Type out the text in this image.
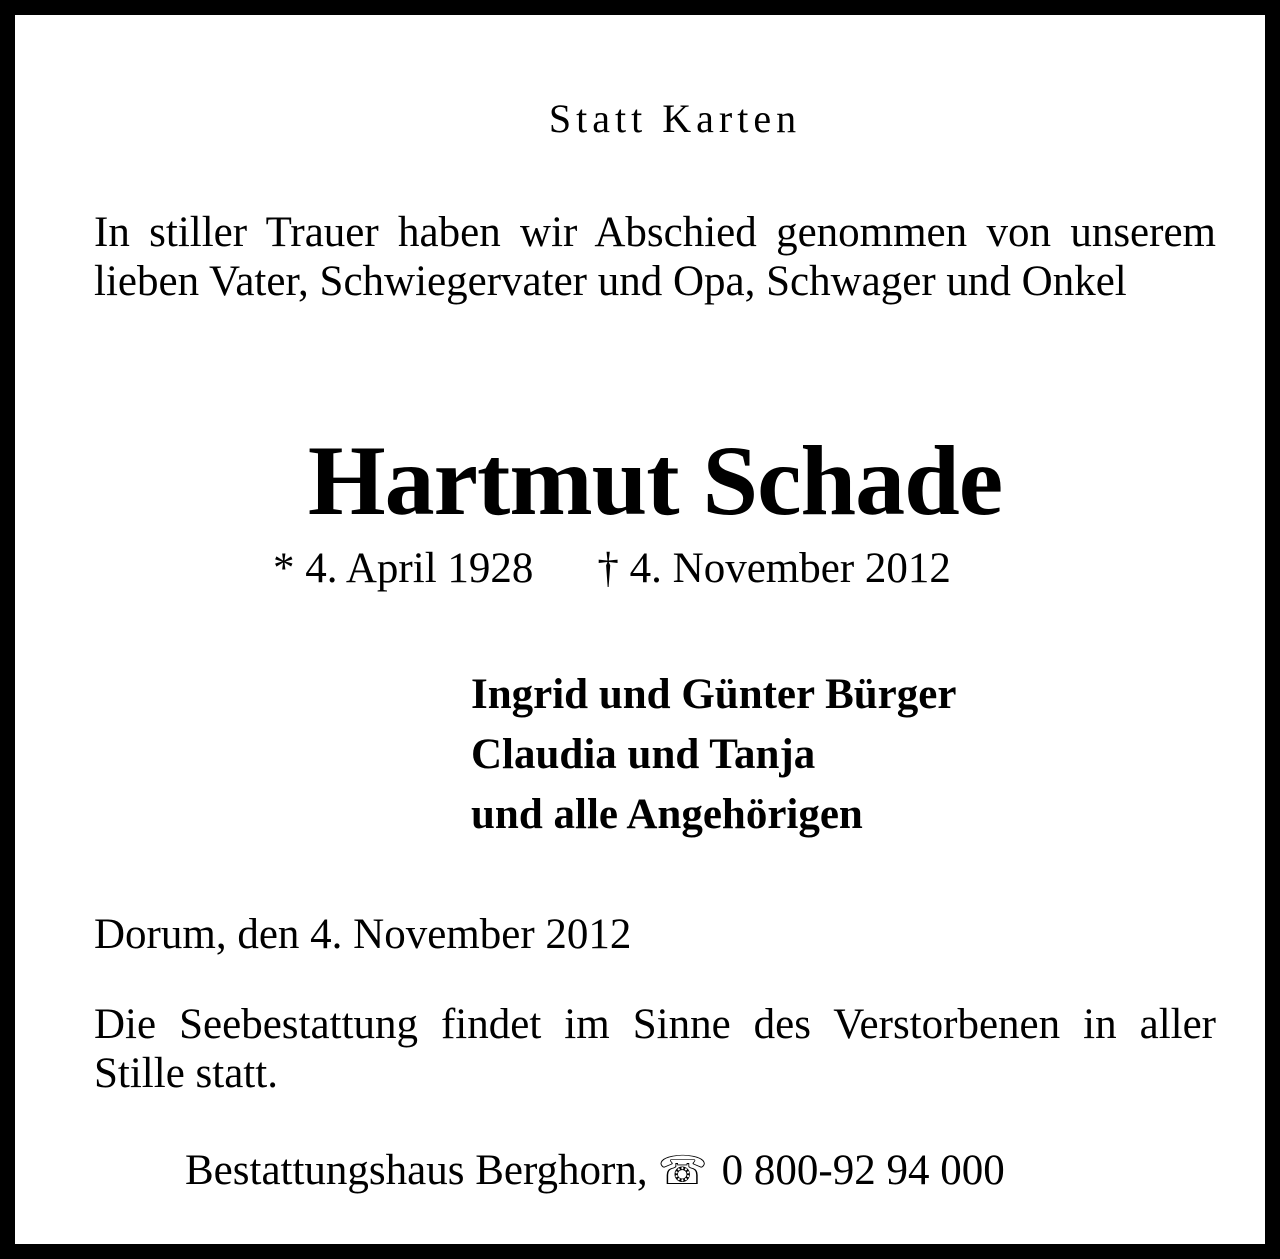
Statt Karten
In stiller Trauer haben wir Abschied genommen von unserem lieben Vater, Schwiegervater und Opa, Schwager und Onkel
Hartmut Schade
* 4. April 1928 † 4. November 2012
Ingrid und Günter Bürger
Claudia und Tanja
und alle Angehörigen
Dorum, den 4. November 2012
Die Seebestattung findet im Sinne des Verstorbenen in aller Stille statt.
Bestattungshaus Berghorn, ☏ 0 800-92 94 000
